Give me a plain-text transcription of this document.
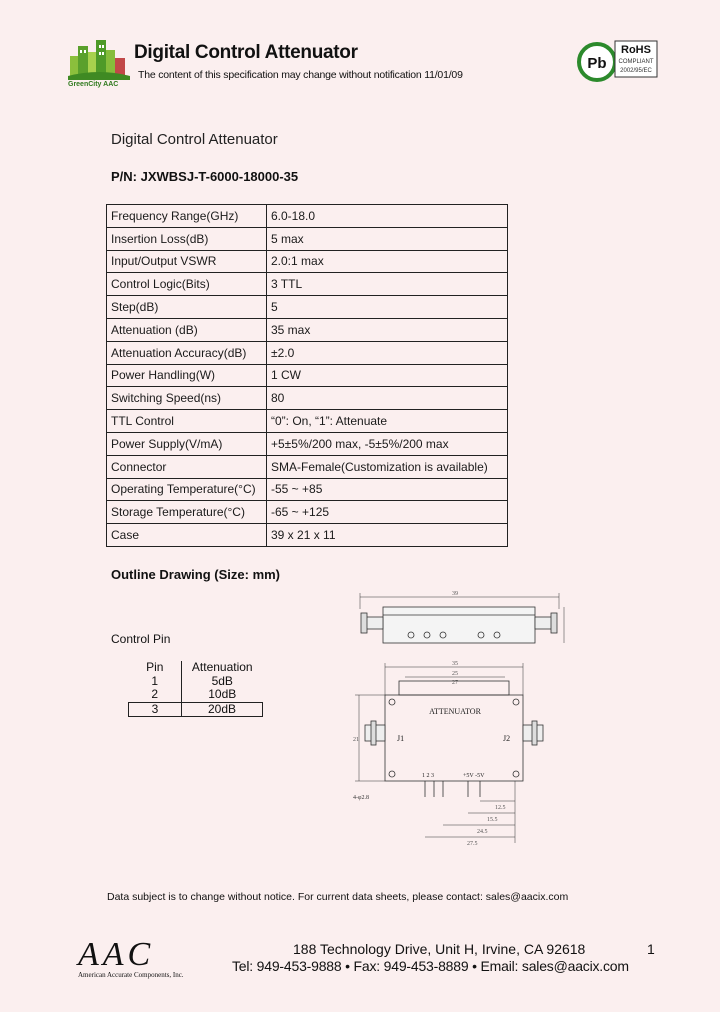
GreenCity AAC
Digital Control Attenuator
The content of this specification may change without notification 11/01/09
Pb
RoHS
COMPLIANT
2002/95/EC
Digital Control Attenuator
P/N: JXWBSJ-T-6000-18000-35
Frequency Range(GHz)	6.0-18.0
Insertion Loss(dB)	5 max
Input/Output VSWR	2.0:1 max
Control Logic(Bits)	3 TTL
Step(dB)	5
Attenuation (dB)	35 max
Attenuation Accuracy(dB)	±2.0
Power Handling(W)	1 CW
Switching Speed(ns)	80
TTL Control	“0”: On, “1”: Attenuate
Power Supply(V/mA)	+5±5%/200 max, -5±5%/200 max
Connector	SMA-Female(Customization is available)
Operating Temperature(°C)	-55 ~ +85
Storage Temperature(°C)	-65 ~ +125
Case	39 x 21 x 11
Outline Drawing (Size: mm)
Control Pin
Pin	Attenuation
1	5dB
2	10dB
3	20dB
39
35
25
27
21
ATTENUATOR
J1	J2
1 2 3	+5V -5V
4-φ2.8
12.5
15.5
24.5
27.5
Data subject is to change without notice. For current data sheets, please contact: sales@aacix.com
AAC
American Accurate Components, Inc.
188 Technology Drive, Unit H, Irvine, CA 92618	1
Tel: 949-453-9888 • Fax: 949-453-8889 • Email: sales@aacix.com
